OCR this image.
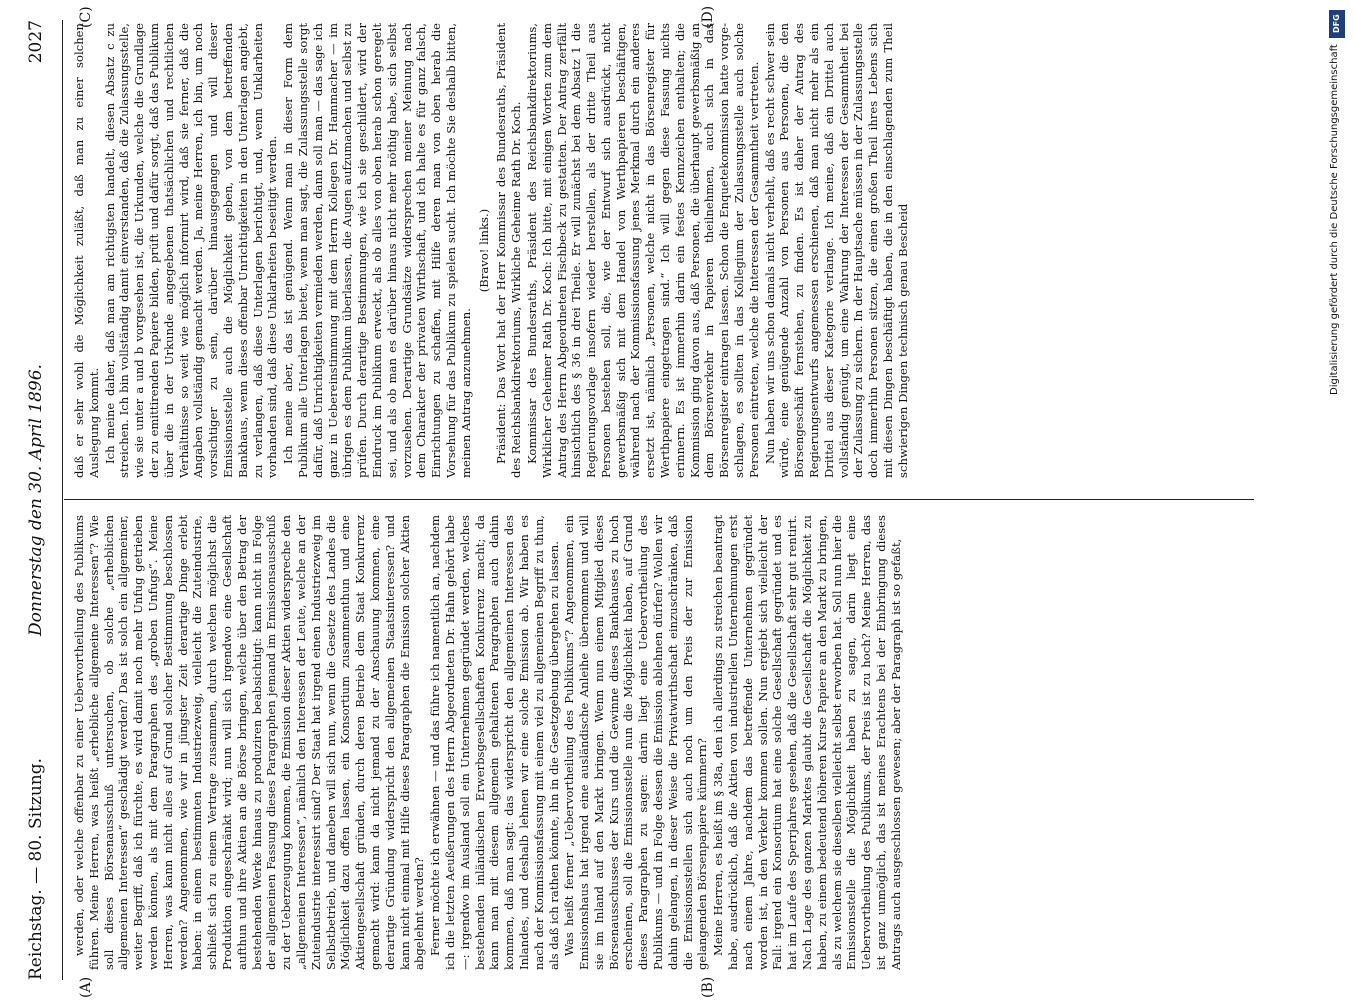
Reichstag. — 80. Sitzung.
Donnerstag den 30. April 1896.
2027
(A)	(B)
(C)	(D)

werden, oder welche offenbar zu einer Uebervortheilung des Publikums führen. Meine Herren, was heißt „erhebliche allgemeine Interessen“? Wie soll dieses Börsenausschuß untersuchen, ob solche „erheblichen allgemeinen Interessen“ geschädigt werden? Das ist solch ein allgemeiner, weiter Begriff, daß ich fürchte, es wird damit noch mehr Unfug getrieben werden können, als mit dem Paragraphen des „groben Unfugs“. Meine Herren, was kann nicht alles auf Grund solcher Bestimmung beschlossen werden? Angenommen, wie wir in jüngster Zeit derartige Dinge erlebt haben: in einem bestimmten Industriezweig, vielleicht die Zuteindustrie, schließt sich zu einem Vertrage zusammen, durch welchen möglichst die Produktion eingeschränkt wird; nun will sich irgendwo eine Gesellschaft aufthun und ihre Aktien an die Börse bringen, welche über den Betrag der bestehenden Werke hinaus zu produziren beabsichtigt: kann nicht in Folge der allgemeinen Fassung dieses Paragraphen jemand im Emissionsausschuß zu der Ueberzeugung kommen, die Emission dieser Aktien widerspreche den „allgemeinen Interessen“, nämlich den Interessen der Leute, welche an der Zuteindustrie interessirt sind? Der Staat hat irgend einen Industriezweig im Selbstbetrieb, und daneben will sich nun, wenn die Gesetze des Landes die Möglichkeit dazu offen lassen, ein Konsortium zusammenthun und eine Aktiengesellschaft gründen, durch deren Betrieb dem Staat Konkurrenz gemacht wird: kann da nicht jemand zu der Anschauung kommen, eine derartige Gründung widerspricht den allgemeinen Staatsinteressen? und kann nicht einmal mit Hilfe dieses Paragraphen die Emission solcher Aktien abgelehnt werden? Ferner möchte ich erwähnen — und das führe ich namentlich an, nachdem ich die letzten Aeußerungen des Herrn Abgeordneten Dr. Hahn gehört habe —: irgendwo im Ausland soll ein Unternehmen gegründet werden, welches bestehenden inländischen Erwerbsgesellschaften Konkurrenz macht; da kann man mit diesem allgemein gehaltenen Paragraphen auch dahin kommen, daß man sagt: das widerspricht den allgemeinen Interessen des Inlandes, und deshalb lehnen wir eine solche Emission ab. Wir haben es nach der Konmissionsfassung mit einem viel zu allgemeinen Begriff zu thun, als daß ich rathen könnte, ihn in die Gesetzgebung übergehen zu lassen. Was heißt ferner „Uebervortheilung des Publikums“? Angenommen, ein Emissionshaus hat irgend eine ausländische Anleihe übernommen und will sie im Inland auf den Markt bringen. Wenn nun einem Mitglied dieses Börsenausschusses der Kurs und die Gewinne dieses Bankhauses zu hoch erscheinen, soll die Emissionsstelle nun die Möglichkeit haben, auf Grund dieses Paragraphen zu sagen: darin liegt eine Uebervortheilung des Publikums — und in Folge dessen die Emission ablehnen dürfen? Wollen wir dahin gelangen, in dieser Weise die Privatwirthschaft einzuschränken, daß die Emissionsstellen sich auch noch um den Preis der zur Emission gelangenden Börsenpapiere kümmern? Meine Herren, es heißt im § 38a, den ich allerdings zu streichen beantragt habe, ausdrücklich, daß die Aktien von industriellen Unternehmungen erst nach einem Jahre, nachdem das betreffende Unternehmen gegründet worden ist, in den Verkehr kommen sollen. Nun ergiebt sich vielleicht der Fall: irgend ein Konsortium hat eine solche Gesellschaft gegründet und es hat im Laufe des Sperrjahres gesehen, daß die Gesellschaft sehr gut rentirt. Nach Lage des ganzen Marktes glaubt die Gesellschaft die Möglichkeit zu haben, zu einem bedeutend höheren Kurse Papiere an den Markt zu bringen, als zu welchem sie dieselben vielleicht selbst erworben hat. Soll nun hier die Emissionsstelle die Möglichkeit haben zu sagen, darin liegt eine Uebervortheilung des Publikums, der Preis ist zu hoch? Meine Herren, das ist ganz unmöglich, das ist meines Erachtens bei der Einbringung dieses Antrags auch ausgeschlossen gewesen; aber der Paragraph ist so gefaßt,

daß er sehr wohl die Möglichkeit zuläßt, daß man zu einer solchen Auslegung kommt. Ich meine daher, daß man am richtigsten handelt, diesen Absatz c zu streichen. Ich bin vollständig damit einverstanden, daß die Zulassungsstelle, wie sie unter a und b vorgesehen ist, die Urkunden, welche die Grundlage der zu emittirenden Papiere bilden, prüft und dafür sorgt, daß das Publikum über die in der Urkunde angegebenen thatsächlichen und rechtlichen Verhältnisse so weit wie möglich informirt wird, daß sie ferner, daß die Angaben vollständig gemacht werden. Ja, meine Herren, ich bin, um noch vorsichtiger zu sein, darüber hinausgegangen und will dieser Emissionsstelle auch die Möglichkeit geben, von dem betreffenden Bankhaus, wenn dieses offenbar Unrichtigkeiten in den Unterlagen angiebt, zu verlangen, daß diese Unterlagen berichtigt, und, wenn Unklarheiten vorhanden sind, daß diese Unklarheiten beseitigt werden. Ich meine aber, das ist genügend. Wenn man in dieser Form dem Publikum alle Unterlagen bietet, wenn man sagt, die Zulassungsstelle sorgt dafür, daß Unrichtigkeiten vermieden werden, dann soll man — das sage ich ganz in Uebereinstimmung mit dem Herrn Kollegen Dr. Hammacher — im übrigen es dem Publikum überlassen, die Augen aufzumachen und selbst zu prüfen. Durch derartige Bestimmungen, wie ich sie geschildert, wird der Eindruck im Publikum erweckt, als ob alles von oben herab schon geregelt sei, und als ob man es darüber hinaus nicht mehr nöthig habe, sich selbst vorzusehen. Derartige Grundsätze widersprechen meiner Meinung nach dem Charakter der privaten Wirthschaft, und ich halte es für ganz falsch, Einrichtungen zu schaffen, mit Hilfe deren man von oben herab die Vorsehung für das Publikum zu spielen sucht. Ich möchte Sie deshalb bitten, meinen Antrag anzunehmen.

(Bravo! links.) Präsident: Das Wort hat der Herr Kommissar des Bundesraths, Präsident des Reichsbankdirektoriums, Wirkliche Geheime Rath Dr. Koch. Kommissar des Bundesraths, Präsident des Reichsbankdirektoriums, Wirklicher Geheimer Rath Dr. Koch: Ich bitte, mit einigen Worten zum dem Antrag des Herrn Abgeordneten Fischbeck zu gestatten. Der Antrag zerfällt hinsichtlich des § 36 in drei Theile. Er will zunächst bei dem Absatz 1 die Regierungsvorlage insofern wieder herstellen, als der dritte Theil aus Personen bestehen soll, die, wie der Entwurf sich ausdrückt, nicht gewerbsmäßig sich mit dem Handel von Werthpapieren beschäftigen, während nach der Kommissionsfassung jenes Merkmal durch ein anderes ersetzt ist, nämlich „Personen, welche nicht in das Börsenregister für Werthpapiere eingetragen sind.“ Ich will gegen diese Fassung nichts erinnern. Es ist immerhin darin ein festes Kennzeichen enthalten; die Kommission ging davon aus, daß Personen, die überhaupt gewerbsmäßig an dem Börsenverkehr in Papieren theilnehmen, auch sich in das Börsenregister eintragen lassen. Schon die Enquetekommission hatte vorgeschlagen, es sollten in das Kollegium der Zulassungsstelle auch solche Personen eintreten, welche die Interessen der Gesammtheit vertreten. Nun haben wir uns schon damals nicht verhehlt, daß es recht schwer sein würde, eine genügende Anzahl von Personen aus Personen, die den Börsengeschäft fernstehen, zu finden. Es ist daher der Antrag des Regierungsentwurfs angemessen erschienen, daß man nicht mehr als ein Drittel aus dieser Kategorie verlange. Ich meine, daß ein Drittel auch vollständig genügt, um eine Wahrung der Interessen der Gesammtheit bei der Zulassung zu sichern. In der Hauptsache müssen in der Zulassungsstelle doch immerhin Personen sitzen, die einen großen Theil ihres Lebens sich mit diesen Dingen beschäftigt haben, die in den einschlagenden zum Theil schwierigen Dingen technisch genau Bescheid

DFG
Digitalisierung gefördert durch die Deutsche Forschungsgemeinschaft
